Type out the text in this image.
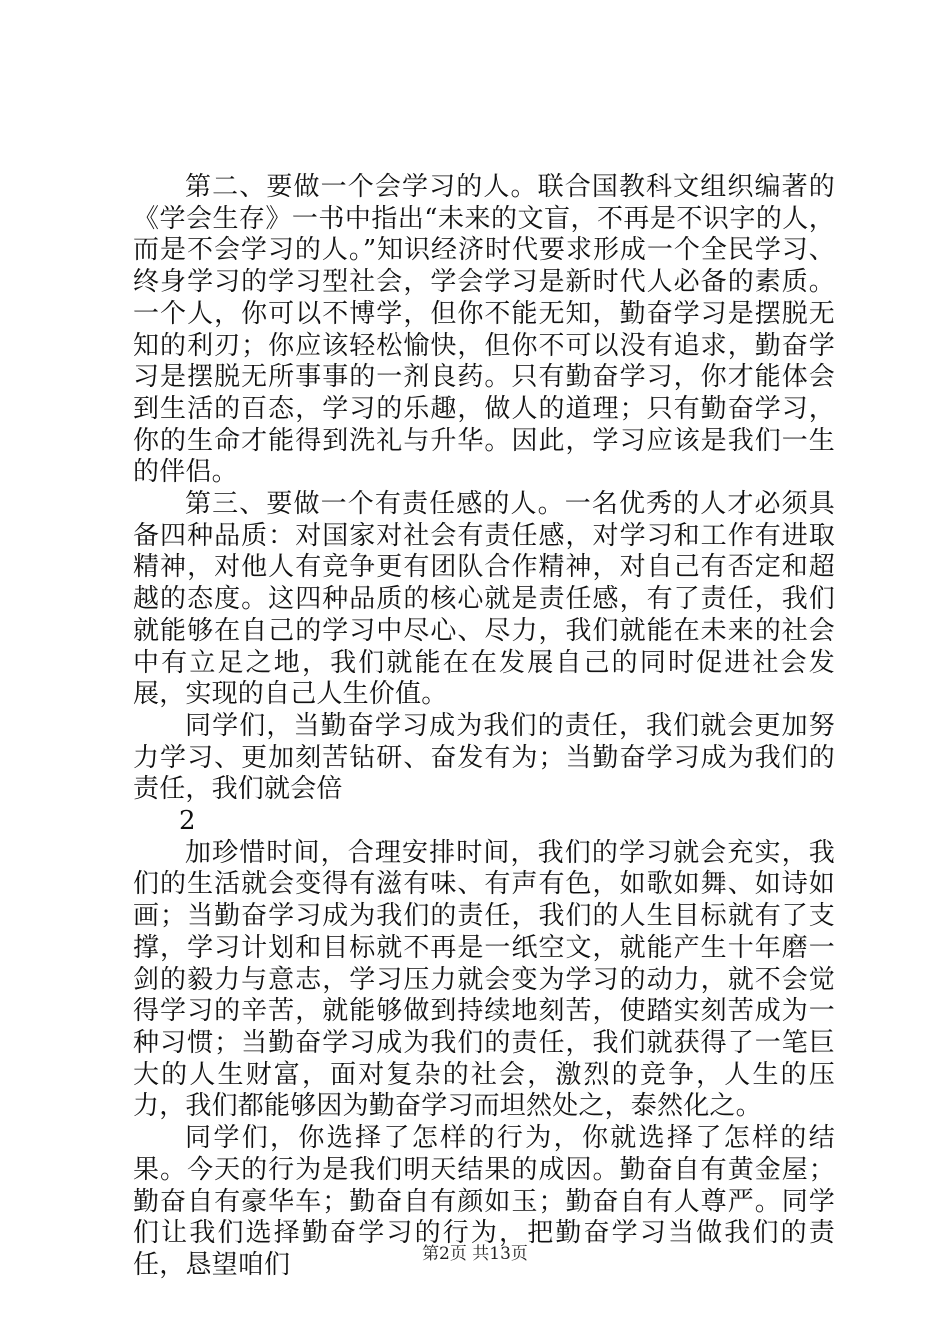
第二、要做一个会学习的人。联合国教科文组织编著的《学会生存》一书中指出“未来的文盲，不再是不识字的人，而是不会学习的人。”知识经济时代要求形成一个全民学习、终身学习的学习型社会，学会学习是新时代人必备的素质。一个人，你可以不博学，但你不能无知，勤奋学习是摆脱无知的利刃；你应该轻松愉快，但你不可以没有追求，勤奋学习是摆脱无所事事的一剂良药。只有勤奋学习，你才能体会到生活的百态，学习的乐趣，做人的道理；只有勤奋学习，你的生命才能得到洗礼与升华。因此，学习应该是我们一生的伴侣。

第三、要做一个有责任感的人。一名优秀的人才必须具备四种品质：对国家对社会有责任感，对学习和工作有进取精神，对他人有竞争更有团队合作精神，对自己有否定和超越的态度。这四种品质的核心就是责任感，有了责任，我们就能够在自己的学习中尽心、尽力，我们就能在未来的社会中有立足之地，我们就能在在发展自己的同时促进社会发展，实现的自己人生价值。

同学们，当勤奋学习成为我们的责任，我们就会更加努力学习、更加刻苦钻研、奋发有为；当勤奋学习成为我们的责任，我们就会倍

2

加珍惜时间，合理安排时间，我们的学习就会充实，我们的生活就会变得有滋有味、有声有色，如歌如舞、如诗如画；当勤奋学习成为我们的责任，我们的人生目标就有了支撑，学习计划和目标就不再是一纸空文，就能产生十年磨一剑的毅力与意志，学习压力就会变为学习的动力，就不会觉得学习的辛苦，就能够做到持续地刻苦，使踏实刻苦成为一种习惯；当勤奋学习成为我们的责任，我们就获得了一笔巨大的人生财富，面对复杂的社会，激烈的竞争，人生的压力，我们都能够因为勤奋学习而坦然处之，泰然化之。

同学们，你选择了怎样的行为，你就选择了怎样的结果。今天的行为是我们明天结果的成因。勤奋自有黄金屋；勤奋自有豪华车；勤奋自有颜如玉；勤奋自有人尊严。同学们让我们选择勤奋学习的行为，把勤奋学习当做我们的责任，恳望咱们	第2页 共13页
